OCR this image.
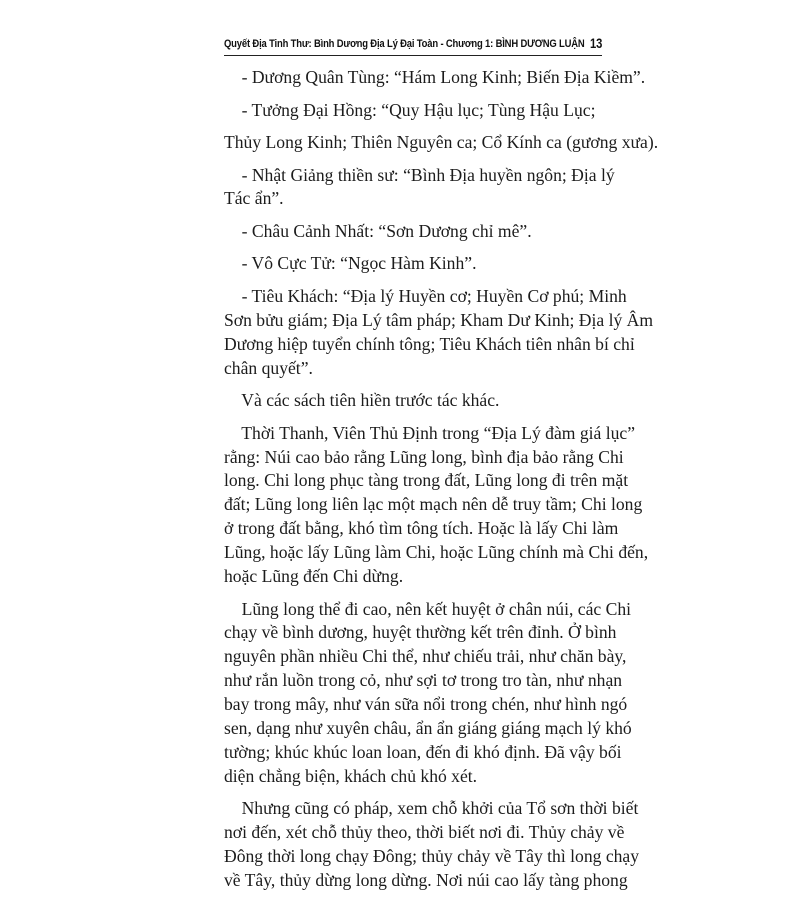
Quyết Địa Tinh Thư: Bình Dương Địa Lý Đại Toàn - Chương 1: BÌNH DƯƠNG LUẬN 13

- Dương Quân Tùng: “Hám Long Kinh; Biến Địa Kiềm”.

- Tưởng Đại Hồng: “Quy Hậu lục; Tùng Hậu Lục;

Thủy Long Kinh; Thiên Nguyên ca; Cổ Kính ca (gương xưa).

- Nhật Giảng thiền sư: “Bình Địa huyền ngôn; Địa lý
Tác ẩn”.

- Châu Cảnh Nhất: “Sơn Dương chỉ mê”.

- Vô Cực Tử: “Ngọc Hàm Kinh”.

- Tiêu Khách: “Địa lý Huyền cơ; Huyền Cơ phú; Minh
Sơn bửu giám; Địa Lý tâm pháp; Kham Dư Kinh; Địa lý Âm
Dương hiệp tuyển chính tông; Tiêu Khách tiên nhân bí chỉ
chân quyết”.

Và các sách tiên hiền trước tác khác.

Thời Thanh, Viên Thủ Định trong “Địa Lý đàm giá lục”
rằng: Núi cao bảo rằng Lũng long, bình địa bảo rằng Chi
long. Chi long phục tàng trong đất, Lũng long đi trên mặt
đất; Lũng long liên lạc một mạch nên dễ truy tầm; Chi long
ở trong đất bằng, khó tìm tông tích. Hoặc là lấy Chi làm
Lũng, hoặc lấy Lũng làm Chi, hoặc Lũng chính mà Chi đến,
hoặc Lũng đến Chi dừng.

Lũng long thể đi cao, nên kết huyệt ở chân núi, các Chi
chạy về bình dương, huyệt thường kết trên đỉnh. Ở bình
nguyên phần nhiều Chi thể, như chiếu trải, như chăn bày,
như rắn luồn trong cỏ, như sợi tơ trong tro tàn, như nhạn
bay trong mây, như ván sữa nổi trong chén, như hình ngó
sen, dạng như xuyên châu, ẩn ẩn giáng giáng mạch lý khó
tường; khúc khúc loan loan, đến đi khó định. Đã vậy bối
diện chẳng biện, khách chủ khó xét.

Nhưng cũng có pháp, xem chỗ khởi của Tổ sơn thời biết
nơi đến, xét chỗ thủy theo, thời biết nơi đi. Thủy chảy về
Đông thời long chạy Đông; thủy chảy về Tây thì long chạy
về Tây, thủy dừng long dừng. Nơi núi cao lấy tàng phong
